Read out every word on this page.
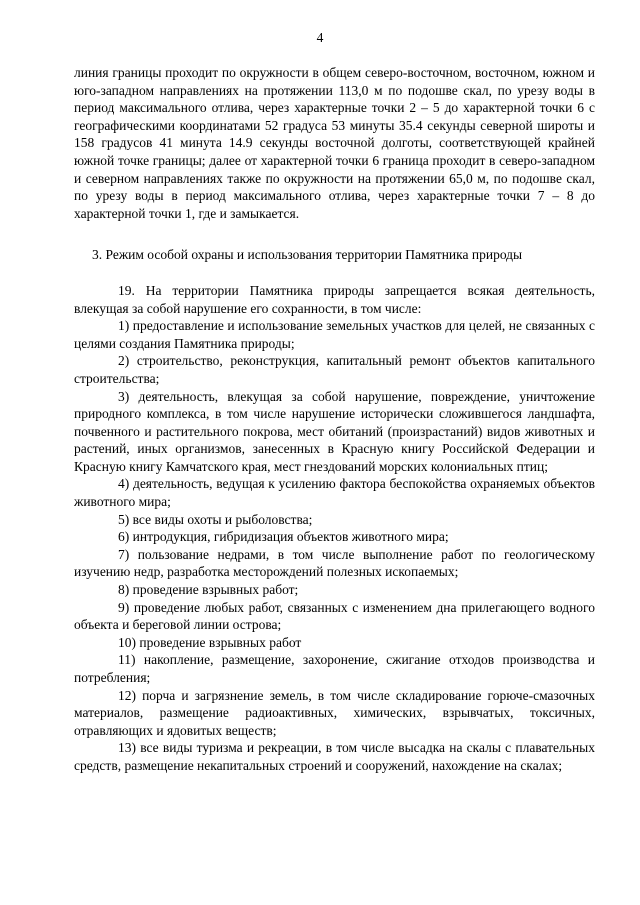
4

линия границы проходит по окружности в общем северо-восточном, восточном, южном и юго-западном направлениях на протяжении 113,0 м по подошве скал, по урезу воды в период максимального отлива, через характерные точки 2 – 5 до характерной точки 6 с географическими координатами 52 градуса 53 минуты 35.4 секунды северной широты и 158 градусов 41 минута 14.9 секунды восточной долготы, соответствующей крайней южной точке границы; далее от характерной точки 6 граница проходит в северо-западном и северном направлениях также по окружности на протяжении 65,0 м, по подошве скал, по урезу воды в период максимального отлива, через характерные точки 7 – 8 до характерной точки 1, где и замыкается.

3. Режим особой охраны и использования территории Памятника природы

19. На территории Памятника природы запрещается всякая деятельность, влекущая за собой нарушение его сохранности, в том числе:

1) предоставление и использование земельных участков для целей, не связанных с целями создания Памятника природы;

2) строительство, реконструкция, капитальный ремонт объектов капитального строительства;

3) деятельность, влекущая за собой нарушение, повреждение, уничтожение природного комплекса, в том числе нарушение исторически сложившегося ландшафта, почвенного и растительного покрова, мест обитаний (произрастаний) видов животных и растений, иных организмов, занесенных в Красную книгу Российской Федерации и Красную книгу Камчатского края, мест гнездований морских колониальных птиц;

4) деятельность, ведущая к усилению фактора беспокойства охраняемых объектов животного мира;

5) все виды охоты и рыболовства;

6) интродукция, гибридизация объектов животного мира;

7) пользование недрами, в том числе выполнение работ по геологическому изучению недр, разработка месторождений полезных ископаемых;

8) проведение взрывных работ;

9) проведение любых работ, связанных с изменением дна прилегающего водного объекта и береговой линии острова;

10) проведение взрывных работ

11) накопление, размещение, захоронение, сжигание отходов производства и потребления;

12) порча и загрязнение земель, в том числе складирование горюче-смазочных материалов, размещение радиоактивных, химических, взрывчатых, токсичных, отравляющих и ядовитых веществ;

13) все виды туризма и рекреации, в том числе высадка на скалы с плавательных средств, размещение некапитальных строений и сооружений, нахождение на скалах;
